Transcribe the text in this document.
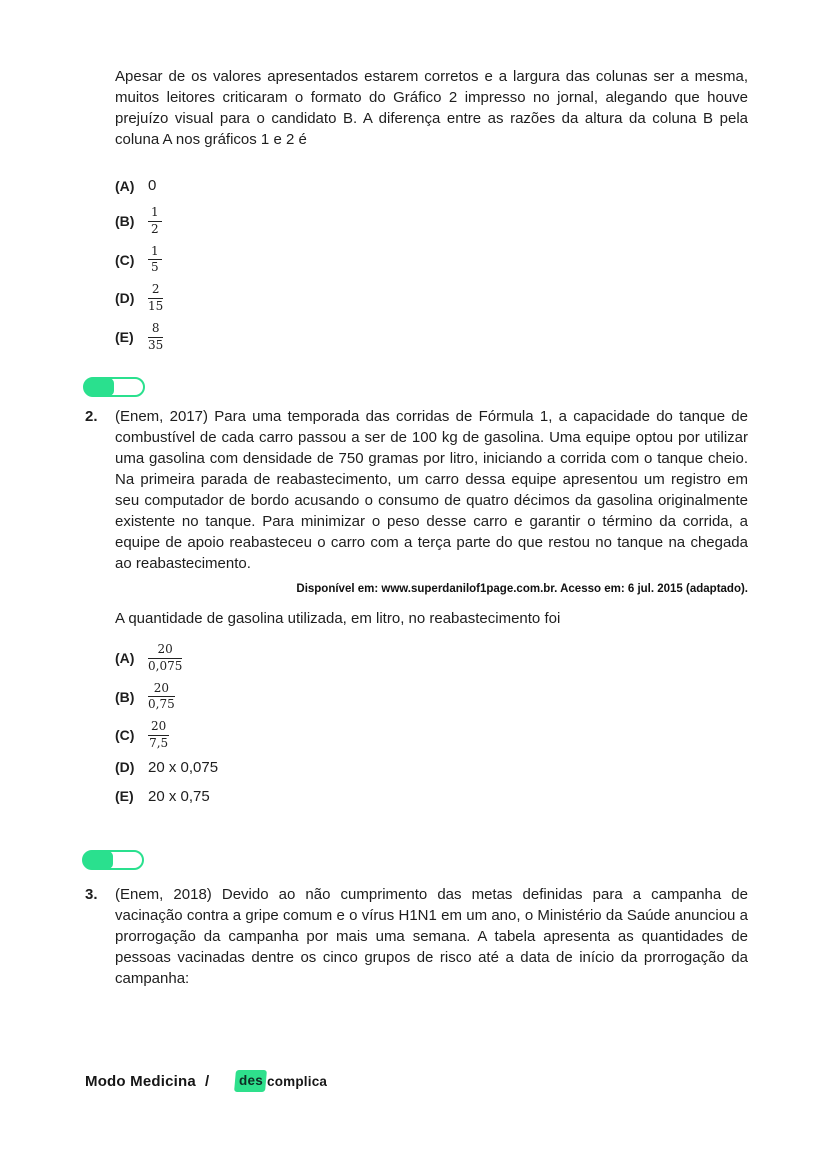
Apesar de os valores apresentados estarem corretos e a largura das colunas ser a mesma, muitos leitores criticaram o formato do Gráfico 2 impresso no jornal, alegando que houve prejuízo visual para o candidato B. A diferença entre as razões da altura da coluna B pela coluna A nos gráficos 1 e 2 é

(A) 0
(B)	$\frac{1}{2}$
(C)	$\frac{1}{5}$
(D)	$\frac{2}{15}$
(E)	$\frac{8}{35}$
2.	(Enem, 2017) Para uma temporada das corridas de Fórmula 1, a capacidade do tanque de combustível de cada carro passou a ser de 100 kg de gasolina. Uma equipe optou por utilizar uma gasolina com densidade de 750 gramas por litro, iniciando a corrida com o tanque cheio. Na primeira parada de reabastecimento, um carro dessa equipe apresentou um registro em seu computador de bordo acusando o consumo de quatro décimos da gasolina originalmente existente no tanque. Para minimizar o peso desse carro e garantir o término da corrida, a equipe de apoio reabasteceu o carro com a terça parte do que restou no tanque na chegada ao reabastecimento.

Disponível em: www.superdanilof1page.com.br. Acesso em: 6 jul. 2015 (adaptado).

A quantidade de gasolina utilizada, em litro, no reabastecimento foi

(A)	$\frac{20}{0,075}$
(B)	$\frac{20}{0,75}$
(C)	$\frac{20}{7,5}$
(D) 20 x 0,075
(E) 20 x 0,75
3.	(Enem, 2018) Devido ao não cumprimento das metas definidas para a campanha de vacinação contra a gripe comum e o vírus H1N1 em um ano, o Ministério da Saúde anunciou a prorrogação da campanha por mais uma semana. A tabela apresenta as quantidades de pessoas vacinadas dentre os cinco grupos de risco até a data de início da prorrogação da campanha:

Modo Medicina /	des complica
